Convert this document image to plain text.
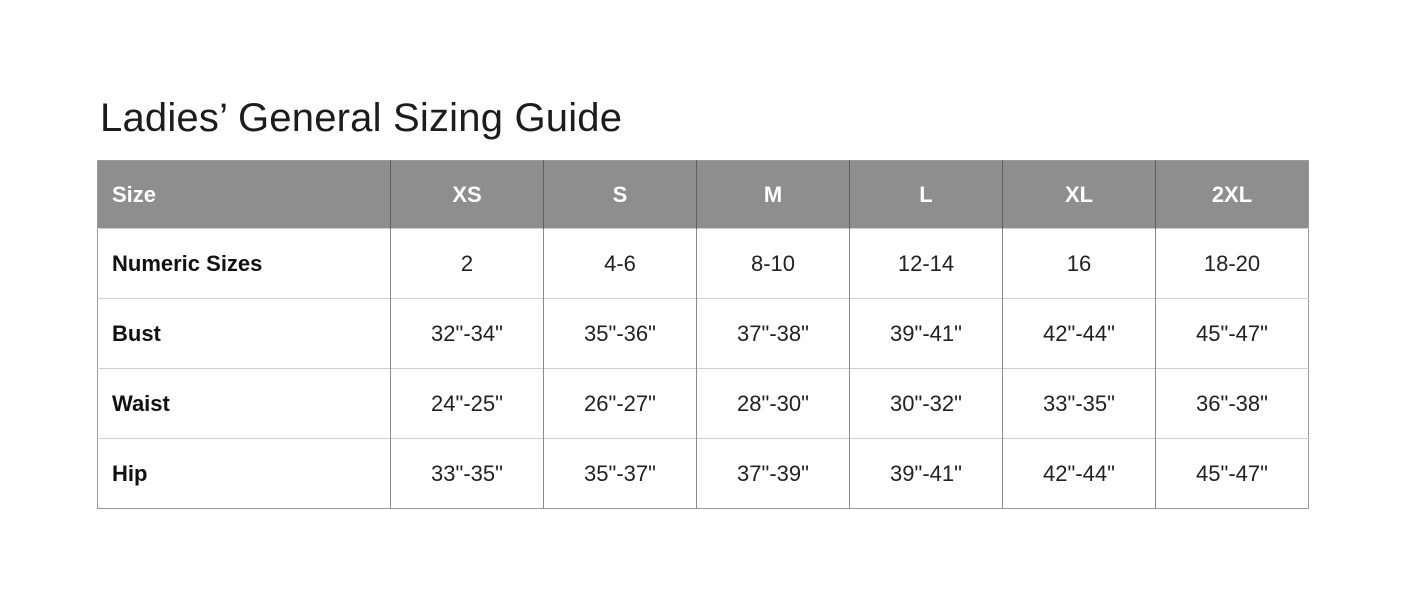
Ladies’ General Sizing Guide
Size	XS	S	M	L	XL	2XL
Numeric Sizes	2	4-6	8-10	12-14	16	18-20
Bust	32"-34"	35"-36"	37"-38"	39"-41"	42"-44"	45"-47"
Waist	24"-25"	26"-27"	28"-30"	30"-32"	33"-35"	36"-38"
Hip	33"-35"	35"-37"	37"-39"	39"-41"	42"-44"	45"-47"
